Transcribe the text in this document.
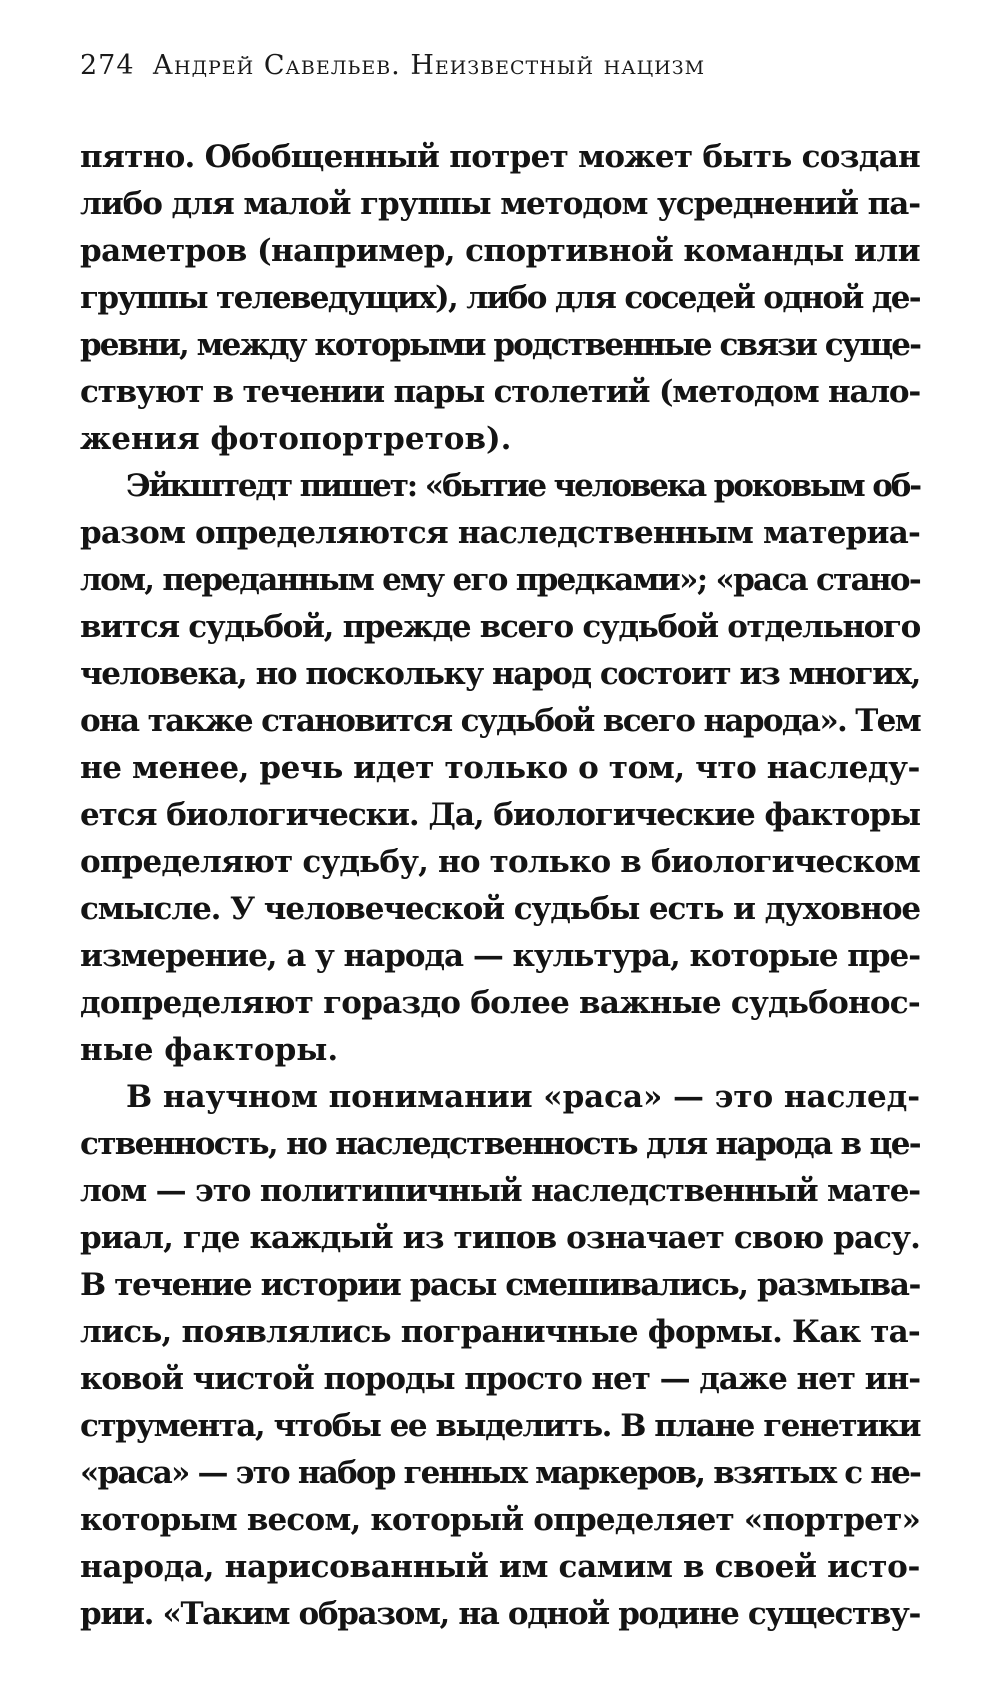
274 Андрей Савельев. Неизвестный нацизм
пятно. Обобщенный потрет может быть создан
либо для малой группы методом усреднений па-
раметров (например, спортивной команды или
группы телеведущих), либо для соседей одной де-
ревни, между которыми родственные связи суще-
ствуют в течении пары столетий (методом нало-
жения фотопортретов).
Эйкштедт пишет: «бытие человека роковым об-
разом определяются наследственным материа-
лом, переданным ему его предками»; «раса стано-
вится судьбой, прежде всего судьбой отдельного
человека, но поскольку народ состоит из многих,
она также становится судьбой всего народа». Тем
не менее, речь идет только о том, что наследу-
ется биологически. Да, биологические факторы
определяют судьбу, но только в биологическом
смысле. У человеческой судьбы есть и духовное
измерение, а у народа — культура, которые пре-
допределяют гораздо более важные судьбонос-
ные факторы.
В научном понимании «раса» — это наслед-
ственность, но наследственность для народа в це-
лом — это политипичный наследственный мате-
риал, где каждый из типов означает свою расу.
В течение истории расы смешивались, размыва-
лись, появлялись пограничные формы. Как та-
ковой чистой породы просто нет — даже нет ин-
струмента, чтобы ее выделить. В плане генетики
«раса» — это набор генных маркеров, взятых с не-
которым весом, который определяет «портрет»
народа, нарисованный им самим в своей исто-
рии. «Таким образом, на одной родине существу-
